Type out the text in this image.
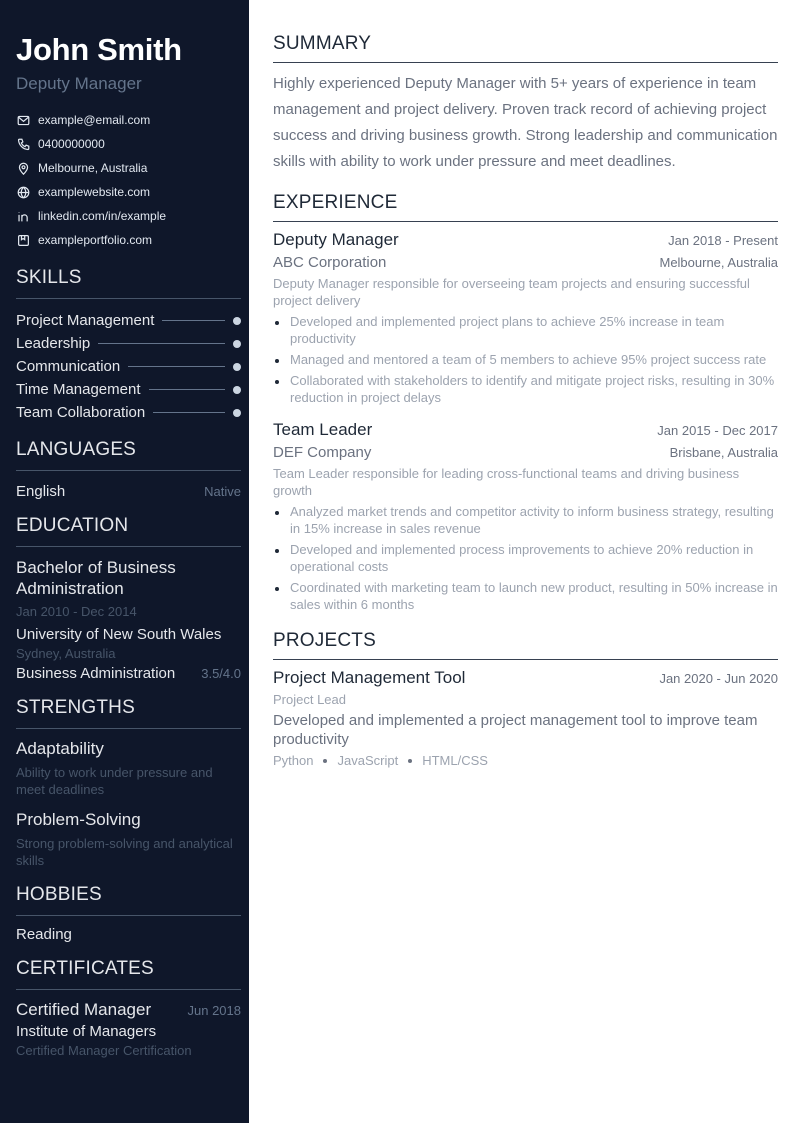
John Smith
Deputy Manager
example@email.com
0400000000
Melbourne, Australia
examplewebsite.com
linkedin.com/in/example
exampleportfolio.com
SKILLS
Project Management
Leadership
Communication
Time Management
Team Collaboration
LANGUAGES
English	Native
EDUCATION
Bachelor of Business Administration
Jan 2010 - Dec 2014
University of New South Wales
Sydney, Australia
Business Administration 3.5/4.0
STRENGTHS
Adaptability
Ability to work under pressure and meet deadlines
Problem-Solving
Strong problem-solving and analytical skills
HOBBIES
Reading
CERTIFICATES
Certified Manager	Jun 2018
Institute of Managers
Certified Manager Certification
SUMMARY

Highly experienced Deputy Manager with 5+ years of experience in team management and project delivery. Proven track record of achieving project success and driving business growth. Strong leadership and communication skills with ability to work under pressure and meet deadlines.

EXPERIENCE
Deputy Manager	Jan 2018 - Present
ABC Corporation	Melbourne, Australia
Deputy Manager responsible for overseeing team projects and ensuring successful project delivery
Developed and implemented project plans to achieve 25% increase in team productivity
Managed and mentored a team of 5 members to achieve 95% project success rate
Collaborated with stakeholders to identify and mitigate project risks, resulting in 30% reduction in project delays
Team Leader	Jan 2015 - Dec 2017
DEF Company	Brisbane, Australia
Team Leader responsible for leading cross-functional teams and driving business growth
Analyzed market trends and competitor activity to inform business strategy, resulting in 15% increase in sales revenue
Developed and implemented process improvements to achieve 20% reduction in operational costs
Coordinated with marketing team to launch new product, resulting in 50% increase in sales within 6 months
PROJECTS
Project Management Tool	Jan 2020 - Jun 2020
Project Lead
Developed and implemented a project management tool to improve team productivity
Python JavaScript HTML/CSS
